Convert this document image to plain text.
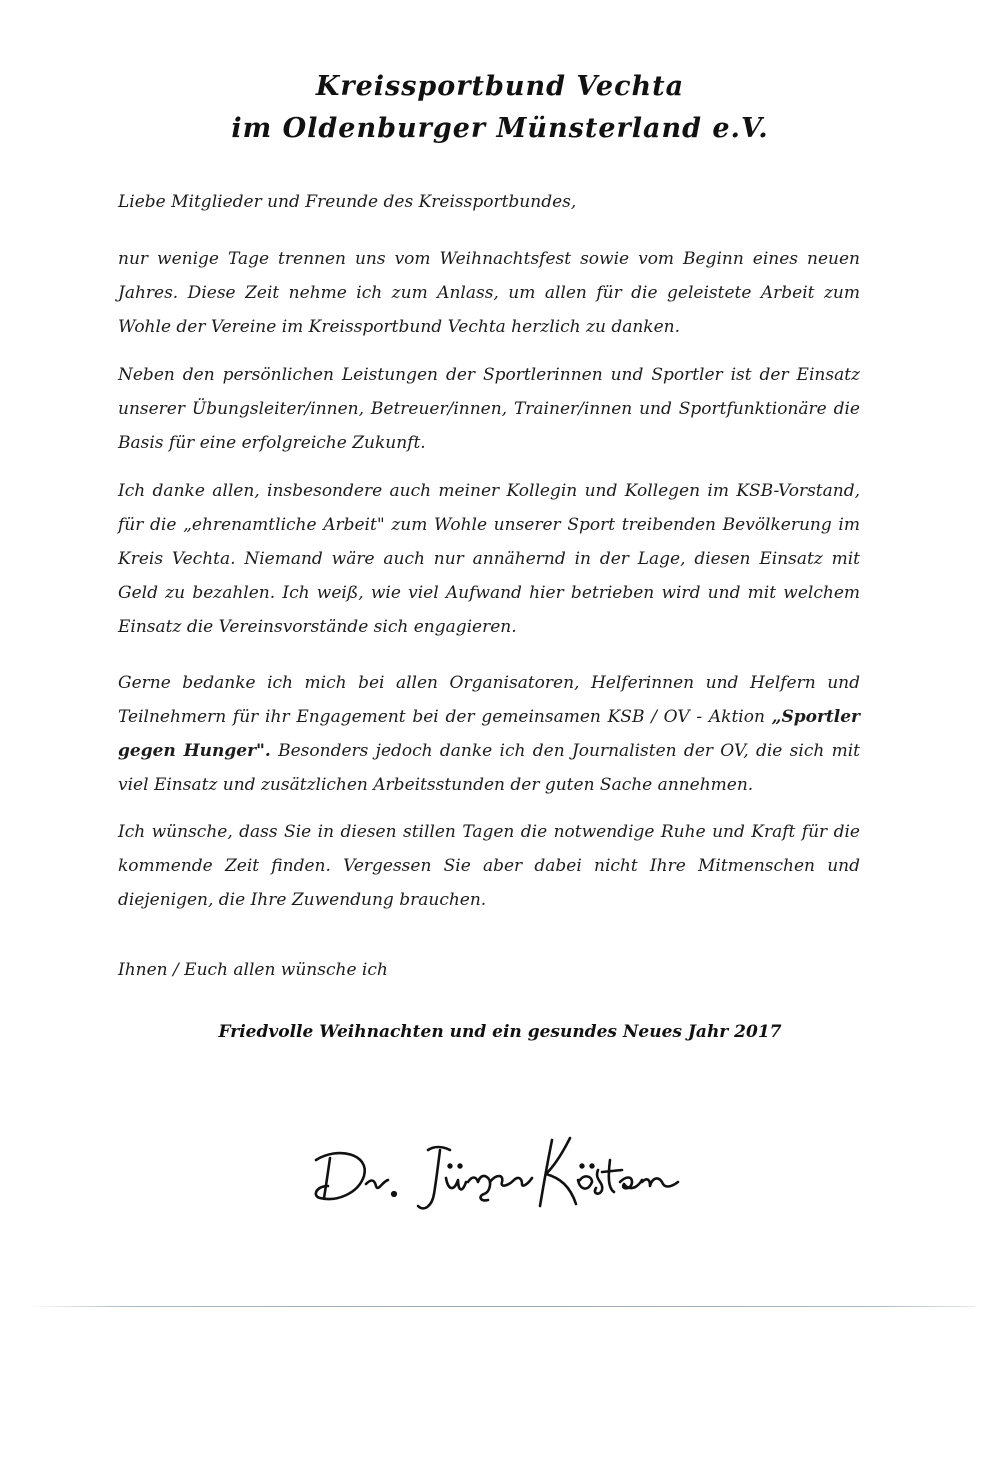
Kreissportbund Vechta
im Oldenburger Münsterland e.V.

Liebe Mitglieder und Freunde des Kreissportbundes,

nur wenige Tage trennen uns vom Weihnachtsfest sowie vom Beginn eines neuen Jahres. Diese Zeit nehme ich zum Anlass, um allen für die geleistete Arbeit zum Wohle der Vereine im Kreissportbund Vechta herzlich zu danken.

Neben den persönlichen Leistungen der Sportlerinnen und Sportler ist der Einsatz unserer Übungsleiter/innen, Betreuer/innen, Trainer/innen und Sportfunktionäre die Basis für eine erfolgreiche Zukunft.

Ich danke allen, insbesondere auch meiner Kollegin und Kollegen im KSB-Vorstand, für die „ehrenamtliche Arbeit" zum Wohle unserer Sport treibenden Bevölkerung im Kreis Vechta. Niemand wäre auch nur annähernd in der Lage, diesen Einsatz mit Geld zu bezahlen. Ich weiß, wie viel Aufwand hier betrieben wird und mit welchem Einsatz die Vereinsvorstände sich engagieren.

Gerne bedanke ich mich bei allen Organisatoren, Helferinnen und Helfern und Teilnehmern für ihr Engagement bei der gemeinsamen KSB / OV - Aktion „Sportler gegen Hunger". Besonders jedoch danke ich den Journalisten der OV, die sich mit viel Einsatz und zusätzlichen Arbeitsstunden der guten Sache annehmen.

Ich wünsche, dass Sie in diesen stillen Tagen die notwendige Ruhe und Kraft für die kommende Zeit finden. Vergessen Sie aber dabei nicht Ihre Mitmenschen und diejenigen, die Ihre Zuwendung brauchen.

Ihnen / Euch allen wünsche ich

Friedvolle Weihnachten und ein gesundes Neues Jahr 2017
